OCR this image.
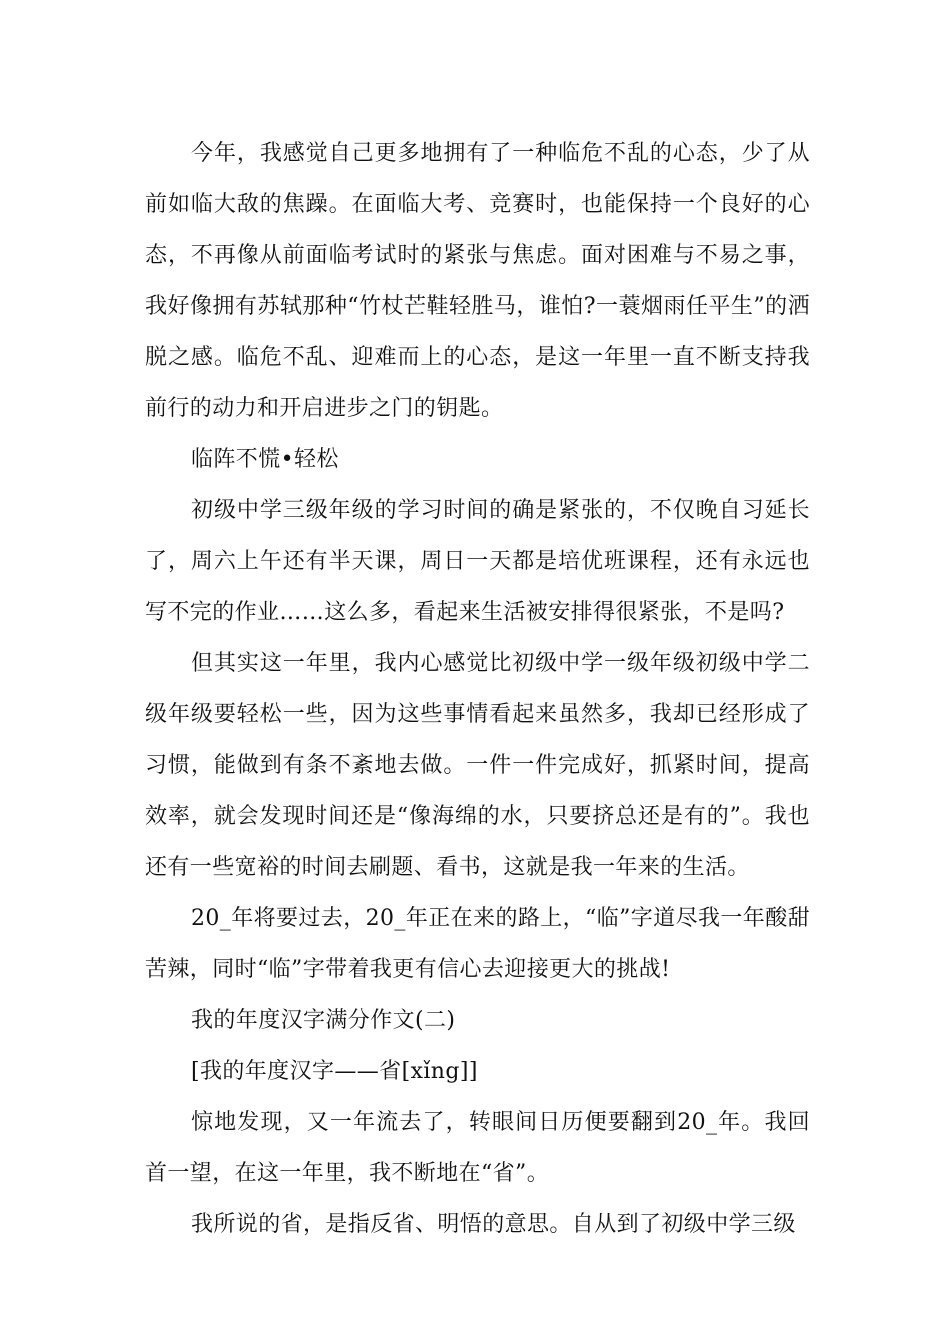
今年，我感觉自己更多地拥有了一种临危不乱的心态，少了从前如临大敌的焦躁。在面临大考、竞赛时，也能保持一个良好的心态，不再像从前面临考试时的紧张与焦虑。面对困难与不易之事，我好像拥有苏轼那种“竹杖芒鞋轻胜马，谁怕?一蓑烟雨任平生”的洒脱之感。临危不乱、迎难而上的心态，是这一年里一直不断支持我前行的动力和开启进步之门的钥匙。

临阵不慌•轻松

初级中学三级年级的学习时间的确是紧张的，不仅晚自习延长了，周六上午还有半天课，周日一天都是培优班课程，还有永远也写不完的作业……这么多，看起来生活被安排得很紧张，不是吗?

但其实这一年里，我内心感觉比初级中学一级年级初级中学二级年级要轻松一些，因为这些事情看起来虽然多，我却已经形成了习惯，能做到有条不紊地去做。一件一件完成好，抓紧时间，提高效率，就会发现时间还是“像海绵的水，只要挤总还是有的”。我也还有一些宽裕的时间去刷题、看书，这就是我一年来的生活。

20_年将要过去，20_年正在来的路上，“临”字道尽我一年酸甜苦辣，同时“临”字带着我更有信心去迎接更大的挑战!

我的年度汉字满分作文(二)

[我的年度汉字——省[xǐng]]

惊地发现，又一年流去了，转眼间日历便要翻到20_年。我回首一望，在这一年里，我不断地在“省”。

我所说的省，是指反省、明悟的意思。自从到了初级中学三级
